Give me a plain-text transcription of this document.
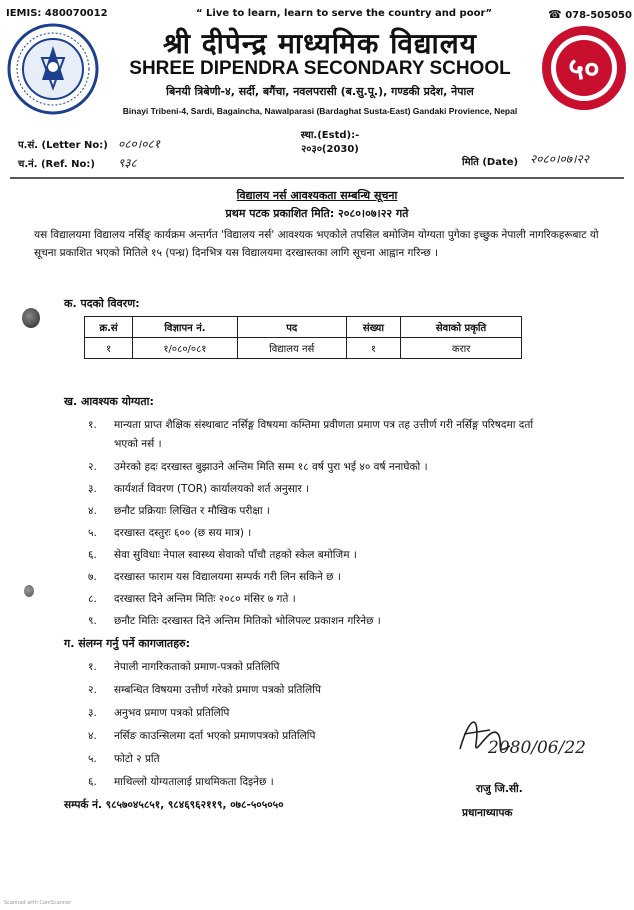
IEMIS: 480070012	“ Live to learn, learn to serve the country and poor”	☎ 078-505050
श्री दीपेन्द्र माध्यमिक विद्यालय
SHREE DIPENDRA SECONDARY SCHOOL
बिनयी त्रिबेणी-४, सर्दी, बगैंचा, नवलपरासी (ब.सु.पू.), गण्डकी प्रदेश, नेपाल
Binayi Tribeni-4, Sardi, Bagaincha, Nawalparasi (Bardaghat Susta-East) Gandaki Provience, Nepal
स्था.(Estd):- २०३०(2030)
५०
प.सं. (Letter No:) ०८०।०८१
च.नं. (Ref. No:) ९३८	मिति (Date) २०८०।०७।२२
विद्यालय नर्स आवश्यकता सम्बन्धि सूचना
प्रथम पटक प्रकाशित मिति: २०८०।०७।२२ गते
यस विद्यालयमा विद्यालय नर्सिङ् कार्यक्रम अन्तर्गत 'विद्यालय नर्स' आवश्यक भएकोले तपसिल बमोजिम योग्यता पुगेका इच्छुक नेपाली नागरिकहरूबाट यो सूचना प्रकाशित भएको मितिले १५ (पन्ध्र) दिनभित्र यस विद्यालयमा दरखास्तका लागि सूचना आह्वान गरिन्छ ।
क. पदको विवरण:
क्र.सं	विज्ञापन नं.	पद	संख्या	सेवाको प्रकृति
१	१/०८०/०८१	विद्यालय नर्स	१	करार
ख. आवश्यक योग्यता:
१. मान्यता प्राप्त शैक्षिक संस्थाबाट नर्सिङ्ग विषयमा कम्तिमा प्रवीणता प्रमाण पत्र तह उत्तीर्ण गरी नर्सिङ्ग परिषदमा दर्ता
भएको नर्स ।
२. उमेरको हदः दरखास्त बुझाउने अन्तिम मिति सम्म १८ वर्ष पुरा भई ४० वर्ष ननाघेको ।
३. कार्यशर्त विवरण (TOR) कार्यालयको शर्त अनुसार ।
४. छनौट प्रक्रियाः लिखित र मौखिक परीक्षा ।
५. दरखास्त दस्तुरः ६०० (छ सय मात्र) ।
६. सेवा सुविधाः नेपाल स्वास्थ्य सेवाको पाँचौ तहको स्केल बमोजिम ।
७. दरखास्त फाराम यस विद्यालयमा सम्पर्क गरी लिन सकिने छ ।
८. दरखास्त दिने अन्तिम मितिः २०८० मंसिर ७ गते ।
९. छनौट मितिः दरखास्त दिने अन्तिम मितिको भोलिपल्ट प्रकाशन गरिनेछ ।
ग. संलग्न गर्नु पर्ने कागजातहरु:
१. नेपाली नागरिकताको प्रमाण-पत्रको प्रतिलिपि
२. सम्बन्धित विषयमा उत्तीर्ण गरेको प्रमाण पत्रको प्रतिलिपि
३. अनुभव प्रमाण पत्रको प्रतिलिपि
४. नर्सिङ काउन्सिलमा दर्ता भएको प्रमाणपत्रको प्रतिलिपि
५. फोटो २ प्रति
६. माथिल्लो योग्यतालाई प्राथमिकता दिइनेछ ।
सम्पर्क नं. ९८५७०४५८५१, ९८४६९६२११९, ०७८-५०५०५०
2080/06/22
राजु जि.सी.
प्रधानाध्यापक
Scanned with CamScanner
